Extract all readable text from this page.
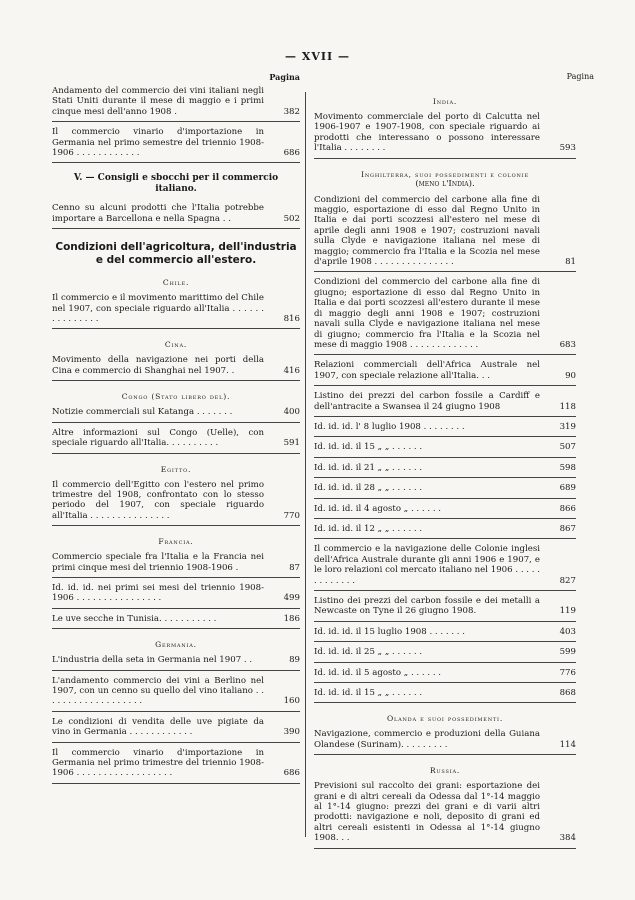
— XVII —
Pagina
Andamento del commercio dei vini italiani negli Stati Uniti durante il mese di maggio e i primi cinque mesi dell'anno 1908 .	382
Il commercio vinario d'importazione in Germania nel primo semestre del triennio 1908-1906 . . . . . . . . . . . .	686
V. — Consigli e sbocchi per il commercio italiano.
Cenno su alcuni prodotti che l'Italia potrebbe importare a Barcellona e nella Spagna . .	502
Condizioni dell'agricoltura, dell'industria e del commercio all'estero.
Chile.
Il commercio e il movimento marittimo del Chile nel 1907, con speciale riguardo all'Italia . . . . . . . . . . . . . . .	816
Cina.
Movimento della navigazione nei porti della Cina e commercio di Shanghai nel 1907. .	416
Congo (Stato libero del).
Notizie commerciali sul Katanga . . . . . . .	400
Altre informazioni sul Congo (Uelle), con speciale riguardo all'Italia. . . . . . . . . .	591
Egitto.
Il commercio dell'Egitto con l'estero nel primo trimestre del 1908, confrontato con lo stesso periodo del 1907, con speciale riguardo all'Italia . . . . . . . . . . . . . . .	770
Francia.
Commercio speciale fra l'Italia e la Francia nei primi cinque mesi del triennio 1908-1906 .	87
Id. id. id. nei primi sei mesi del triennio 1908-1906 . . . . . . . . . . . . . . . .	499
Le uve secche in Tunisia. . . . . . . . . . .	186
Germania.
L'industria della seta in Germania nel 1907 . .	89
L'andamento commercio dei vini a Berlino nel 1907, con un cenno su quello del vino italiano . . . . . . . . . . . . . . . . . . .	160
Le condizioni di vendita delle uve pigiate da vino in Germania . . . . . . . . . . . .	390
Il commercio vinario d'importazione in Germania nel primo trimestre del triennio 1908-1906 . . . . . . . . . . . . . . . . . .	686
Pagina
India.
Movimento commerciale del porto di Calcutta nel 1906-1907 e 1907-1908, con speciale riguardo ai prodotti che interessano o possono interessare l'Italia . . . . . . . .	593
Inghilterra, suoi possedimenti e colonie
(meno l'India).
Condizioni del commercio del carbone alla fine di maggio, esportazione di esso dal Regno Unito in Italia e dai porti scozzesi all'estero nel mese di aprile degli anni 1908 e 1907; costruzioni navali sulla Clyde e navigazione italiana nel mese di maggio; commercio fra l'Italia e la Scozia nel mese d'aprile 1908 . . . . . . . . . . . . . . .	81
Condizioni del commercio del carbone alla fine di giugno; esportazione di esso dal Regno Unito in Italia e dai porti scozzesi all'estero durante il mese di maggio degli anni 1908 e 1907; costruzioni navali sulla Clyde e navigazione italiana nel mese di giugno; commercio fra l'Italia e la Scozia nel mese di maggio 1908 . . . . . . . . . . . . .	683
Relazioni commerciali dell'Africa Australe nel 1907, con speciale relazione all'Italia. . .	90
Listino dei prezzi del carbon fossile a Cardiff e dell'antracite a Swansea il 24 giugno 1908	118
Id. id. id. l' 8 luglio 1908 . . . . . . . .	319
Id. id. id. il 15 „ „ . . . . . .	507
Id. id. id. il 21 „ „ . . . . . .	598
Id. id. id. il 28 „ „ . . . . . .	689
Id. id. id. il 4 agosto „ . . . . . .	866
Id. id. id. il 12 „ „ . . . . . .	867
Il commercio e la navigazione delle Colonie inglesi dell'Africa Australe durante gli anni 1906 e 1907, e le loro relazioni col mercato italiano nel 1906 . . . . . . . . . . . . .	827
Listino dei prezzi del carbon fossile e dei metalli a Newcaste on Tyne il 26 giugno 1908.	119
Id. id. id. il 15 luglio 1908 . . . . . . .	403
Id. id. id. il 25 „ „ . . . . . .	599
Id. id. id. il 5 agosto „ . . . . . .	776
Id. id. id. il 15 „ „ . . . . . .	868
Olanda e suoi possedimenti.
Navigazione, commercio e produzioni della Guiana Olandese (Surinam). . . . . . . . .	114
Russia.
Previsioni sul raccolto dei grani: esportazione dei grani e di altri cereali da Odessa dal 1°-14 maggio al 1°-14 giugno: prezzi dei grani e di varii altri prodotti: navigazione e noli, deposito di grani ed altri cereali esistenti in Odessa al 1°-14 giugno 1908. . .	384
